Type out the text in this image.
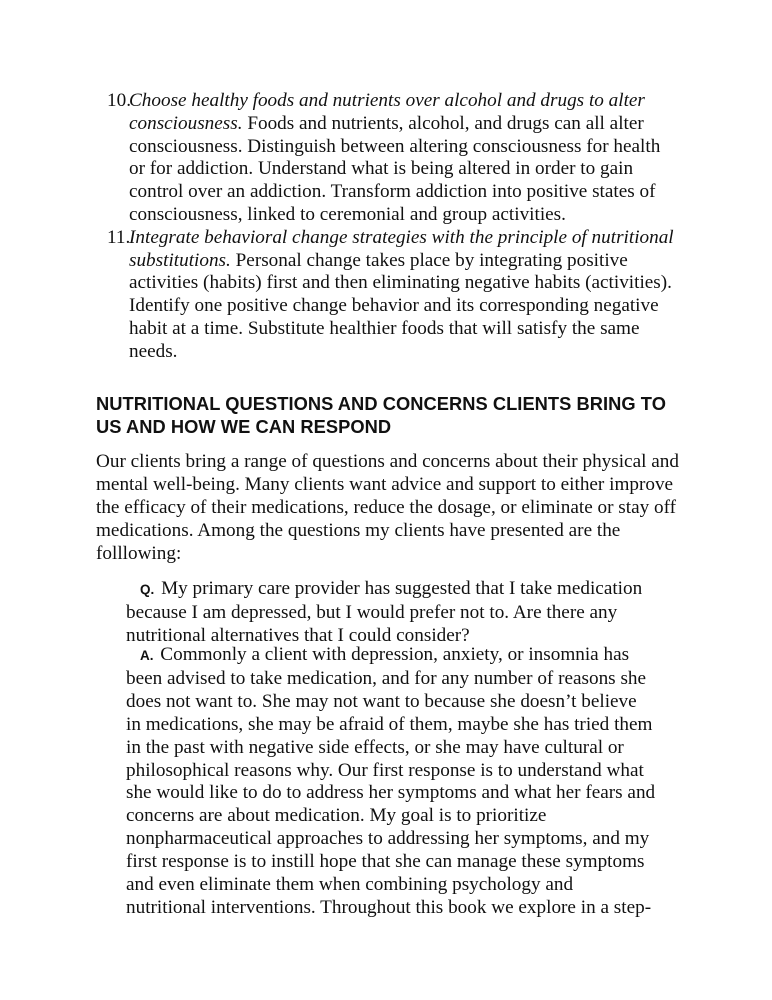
10.
Choose healthy foods and nutrients over alcohol and drugs to alter consciousness. Foods and nutrients, alcohol, and drugs can all alter consciousness. Distinguish between altering consciousness for health or for addiction. Understand what is being altered in order to gain control over an addiction. Transform addiction into positive states of consciousness, linked to ceremonial and group activities.

11.
Integrate behavioral change strategies with the principle of nutritional substitutions. Personal change takes place by integrating positive activities (habits) first and then eliminating negative habits (activities). Identify one positive change behavior and its corresponding negative habit at a time. Substitute healthier foods that will satisfy the same needs.

NUTRITIONAL QUESTIONS AND CONCERNS CLIENTS BRING TO US AND HOW WE CAN RESPOND

Our clients bring a range of questions and concerns about their physical and mental well-being. Many clients want advice and support to either improve the efficacy of their medications, reduce the dosage, or eliminate or stay off medications. Among the questions my clients have presented are the folllowing:

Q. My primary care provider has suggested that I take medication because I am depressed, but I would prefer not to. Are there any nutritional alternatives that I could consider?

A. Commonly a client with depression, anxiety, or insomnia has been advised to take medication, and for any number of reasons she does not want to. She may not want to because she doesn’t believe in medications, she may be afraid of them, maybe she has tried them in the past with negative side effects, or she may have cultural or philosophical reasons why. Our first response is to understand what she would like to do to address her symptoms and what her fears and concerns are about medication. My goal is to prioritize nonpharmaceutical approaches to addressing her symptoms, and my first response is to instill hope that she can manage these symptoms and even eliminate them when combining psychology and nutritional interventions. Throughout this book we explore in a step-
